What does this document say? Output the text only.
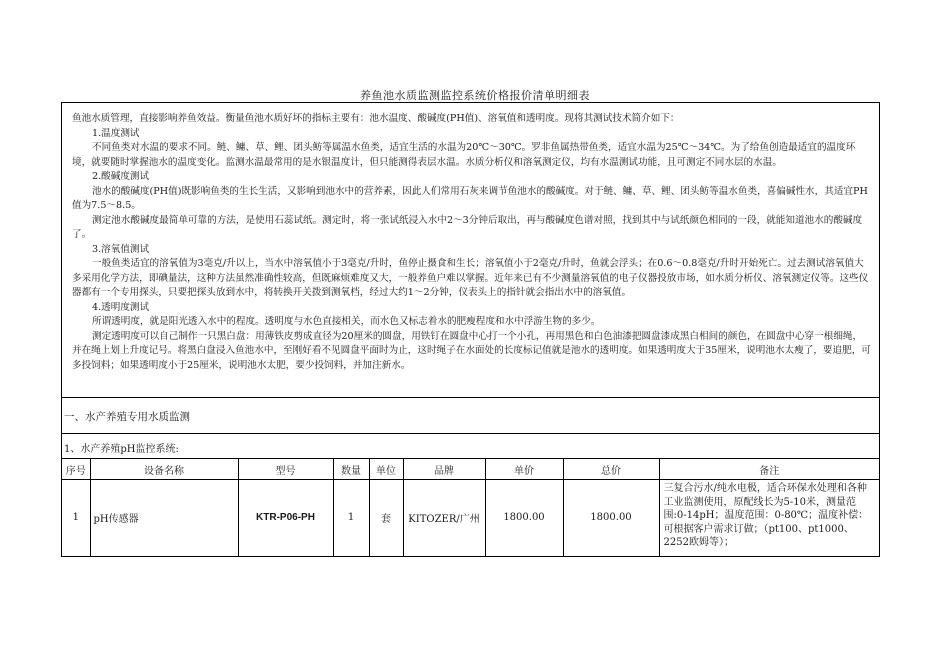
养鱼池水质监测监控系统价格报价清单明细表

鱼池水质管理，直接影响养鱼效益。衡量鱼池水质好坏的指标主要有：池水温度、酸碱度(PH值)、溶氧值和透明度。现将其测试技术简介如下：

1.温度测试

不同鱼类对水温的要求不同。鲢、鳙、草、鲤、团头鲂等属温水鱼类，适宜生活的水温为20℃～30℃。罗非鱼属热带鱼类，适宜水温为25℃～34℃。为了给鱼创造最适宜的温度环境，就要随时掌握池水的温度变化。监测水温最常用的是水银温度计，但只能测得表层水温。水质分析仪和溶氧测定仪，均有水温测试功能，且可测定不同水层的水温。

2.酸碱度测试

池水的酸碱度(PH值)既影响鱼类的生长生活，又影响到池水中的营养素，因此人们常用石灰来调节鱼池水的酸碱度。对于鲢、鳙、草、鲤、团头鲂等温水鱼类，喜偏碱性水，其适宜PH值为7.5～8.5。

测定池水酸碱度最简单可靠的方法，是使用石蕊试纸。测定时，将一张试纸浸入水中2～3分钟后取出，再与酸碱度色谱对照，找到其中与试纸颜色相同的一段，就能知道池水的酸碱度了。

3.溶氧值测试

一般鱼类适宜的溶氧值为3毫克/升以上，当水中溶氧值小于3毫克/升时，鱼停止摄食和生长；溶氧值小于2毫克/升时，鱼就会浮头；在0.6～0.8毫克/升时开始死亡。过去测试溶氧值大多采用化学方法，即碘量法，这种方法虽然准确性较高，但既麻烦难度又大，一般养鱼户难以掌握。近年来已有不少测量溶氧值的电子仪器投放市场，如水质分析仪、溶氧测定仪等。这些仪器都有一个专用探头，只要把探头放到水中，将转换开关拨到测氧档，经过大约1～2分钟，仪表头上的指针就会指出水中的溶氧值。

4.透明度测试

所谓透明度，就是阳光透入水中的程度。透明度与水色直接相关，而水色又标志着水的肥瘦程度和水中浮游生物的多少。

测定透明度可以自己制作一只黑白盘：用薄铁皮剪成直径为20厘米的圆盘，用铁钉在圆盘中心打一个小孔，再用黑色和白色油漆把圆盘漆成黑白相间的颜色，在圆盘中心穿一根细绳，并在绳上划上升度记号。将黑白盘浸入鱼池水中，至刚好看不见圆盘平面时为止，这时绳子在水面处的长度标记值就是池水的透明度。如果透明度大于35厘米，说明池水太瘦了，要追肥，可多投饲料；如果透明度小于25厘米，说明池水太肥，要少投饲料，并加注新水。

一、水产养殖专用水质监测
1、水产养殖pH监控系统:
序号	设备名称	型号	数量	单位	品牌	单价	总价	备注
1	pH传感器	KTR-P06-PH	1	套	KITOZER/广州	1800.00	1800.00	三复合污水/纯水电极，适合环保水处理和各种工业监测使用，原配线长为5-10米，测量范围:0-14pH；温度范围：0-80℃；温度补偿：可根据客户需求订做；（pt100、pt1000、2252欧姆等）；
